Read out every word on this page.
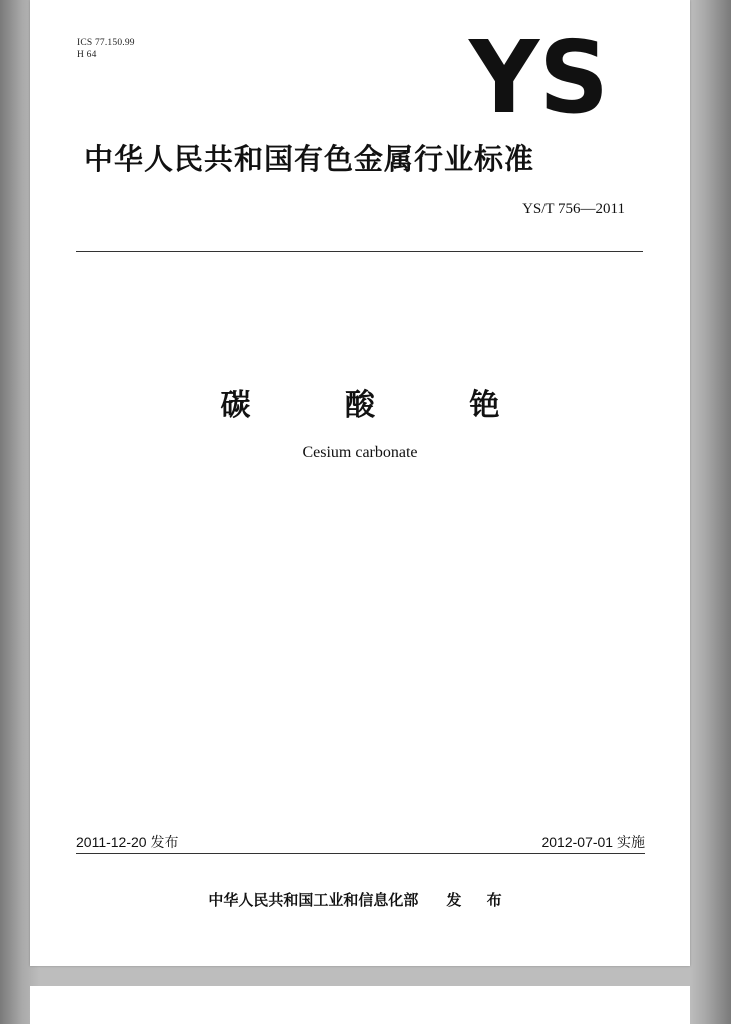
ICS 77.150.99
H 64	YS
中华人民共和国有色金属行业标准
YS/T 756—2011
碳 酸 铯
Cesium carbonate
2011-12-20 发布	2012-07-01 实施
中华人民共和国工业和信息化部 发 布
